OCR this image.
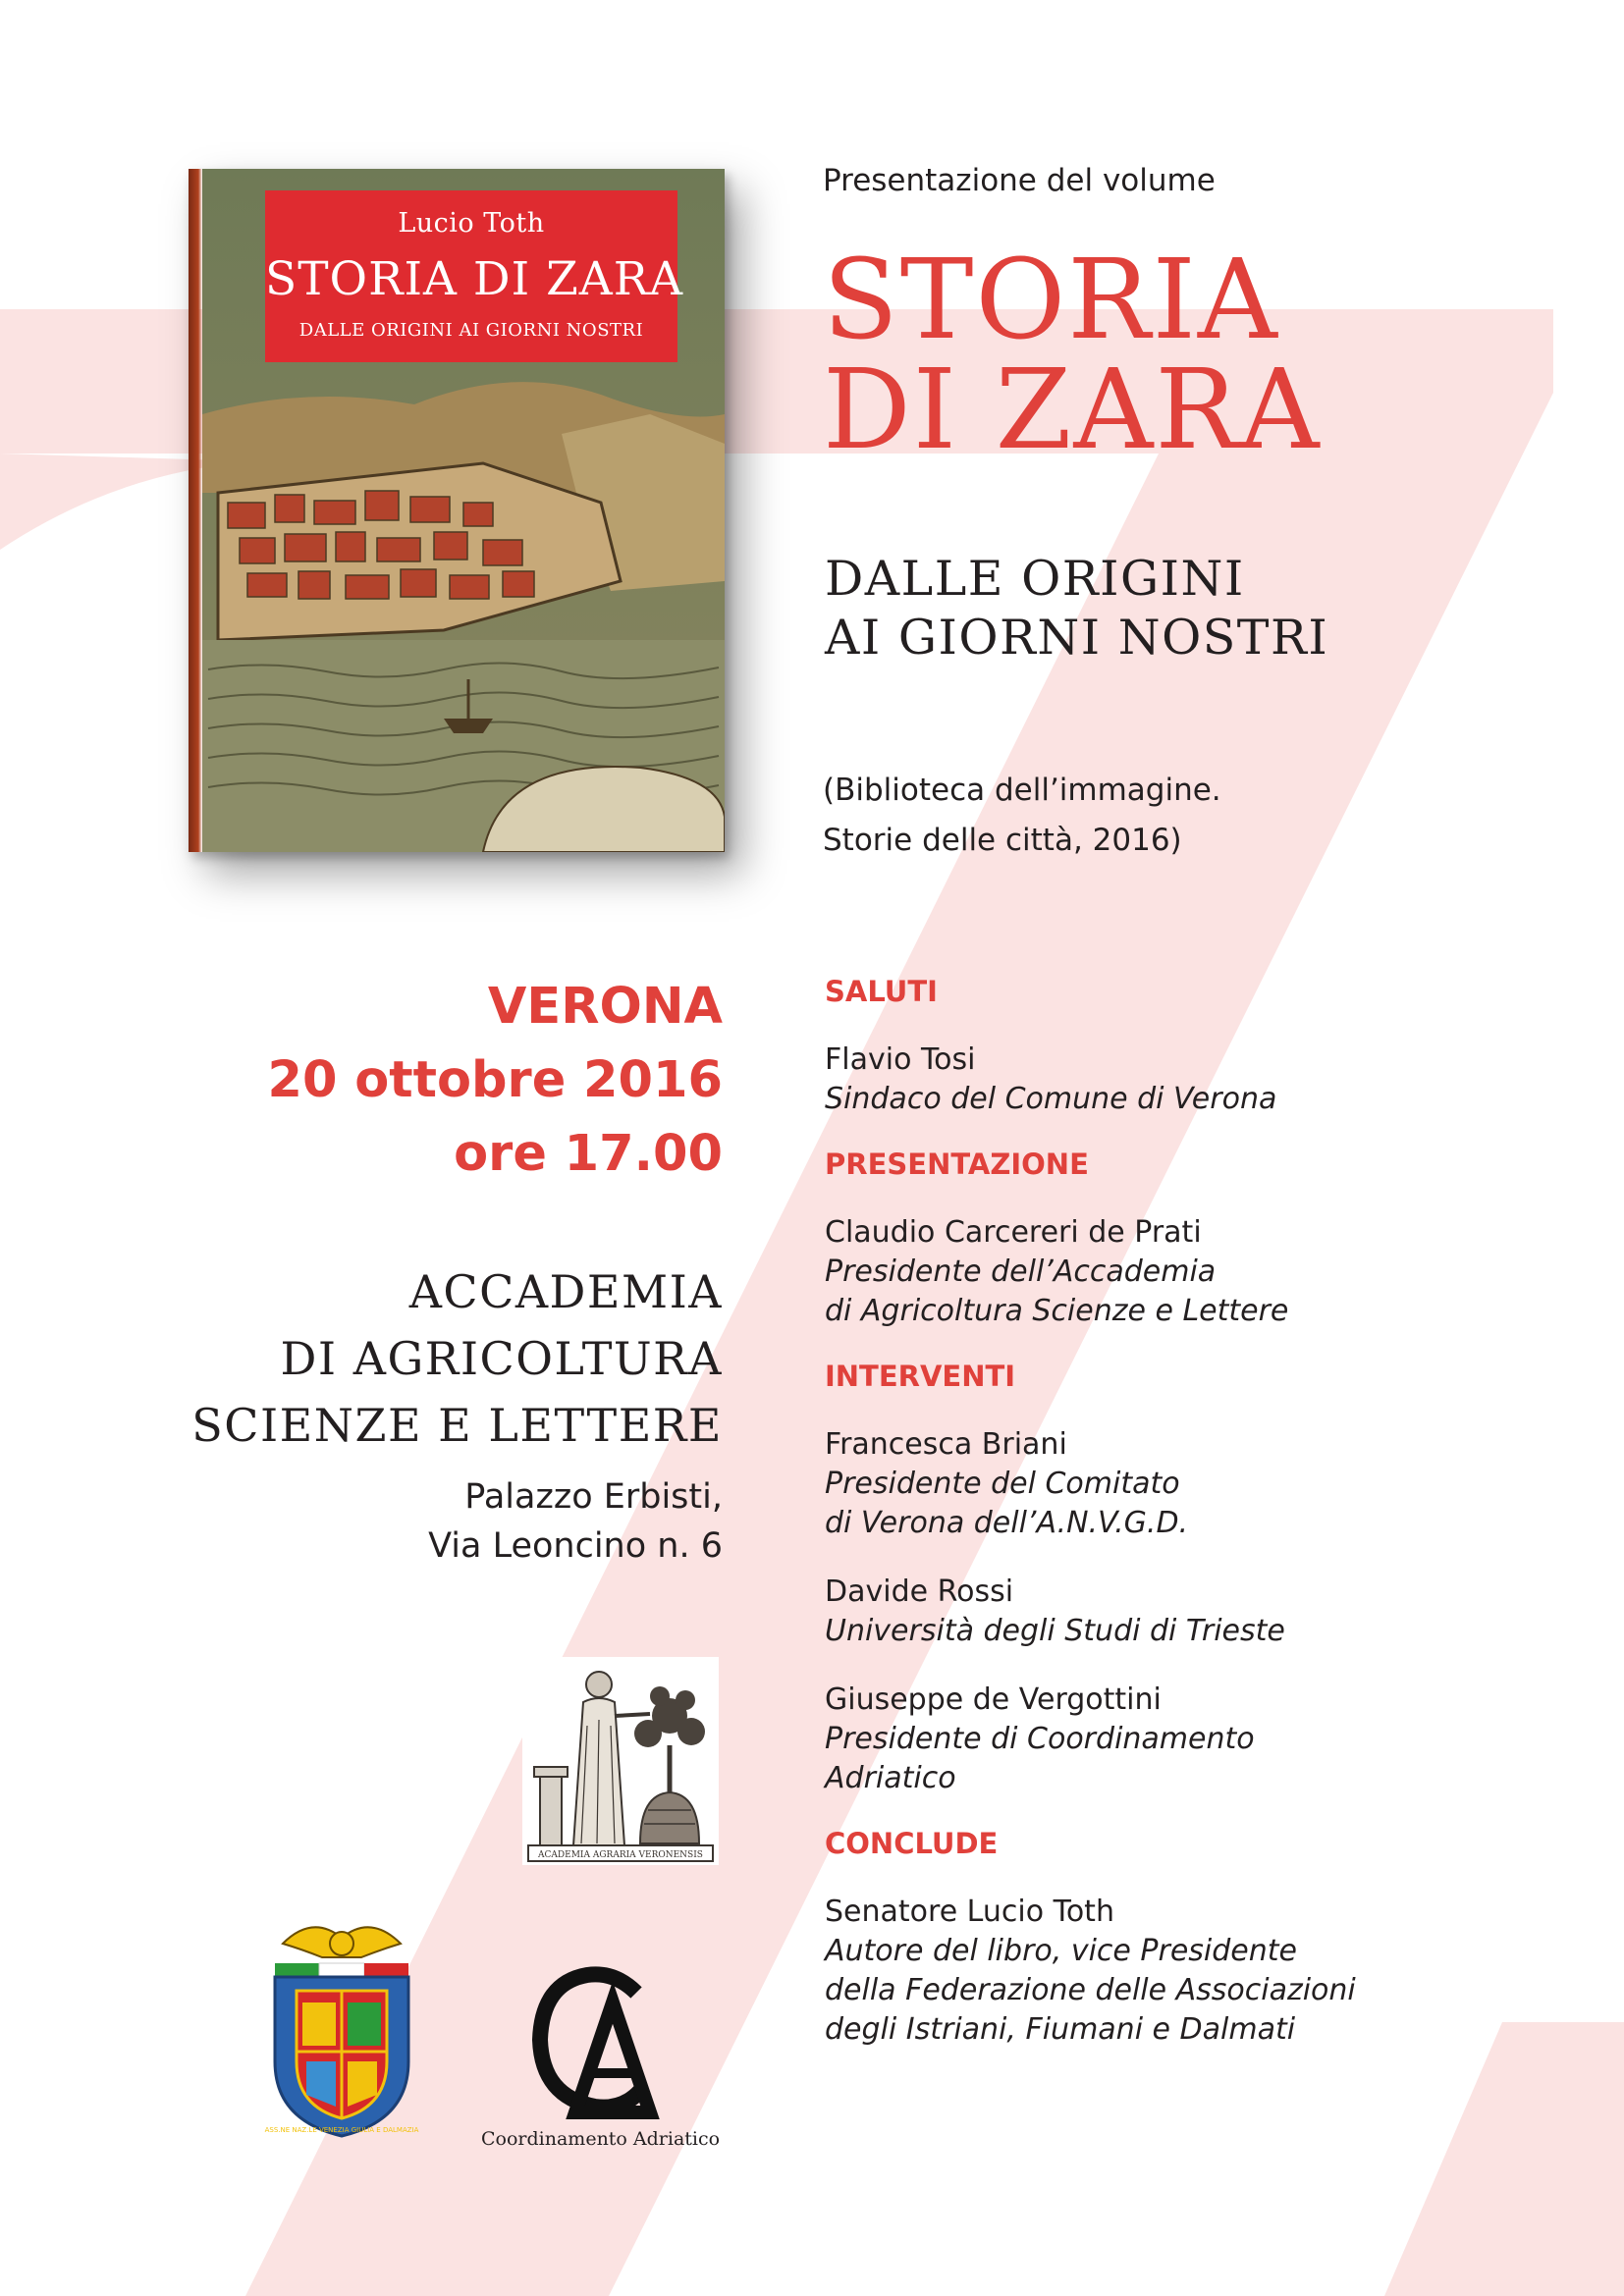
Lucio Toth
STORIA DI ZARA
DALLE ORIGINI AI GIORNI NOSTRI
Presentazione del volume
STORIA
DI ZARA
DALLE ORIGINI
AI GIORNI NOSTRI
(Biblioteca dell’immagine.
Storie delle città, 2016)
VERONA
20 ottobre 2016
ore 17.00
ACCADEMIA
DI AGRICOLTURA
SCIENZE E LETTERE
Palazzo Erbisti,
Via Leoncino n. 6
SALUTI
Flavio Tosi
Sindaco del Comune di Verona
PRESENTAZIONE
Claudio Carcereri de Prati
Presidente dell’Accademia
di Agricoltura Scienze e Lettere
INTERVENTI
Francesca Briani
Presidente del Comitato
di Verona dell’A.N.V.G.D.
Davide Rossi
Università degli Studi di Trieste
Giuseppe de Vergottini
Presidente di Coordinamento
Adriatico
CONCLUDE
Senatore Lucio Toth
Autore del libro, vice Presidente
della Federazione delle Associazioni
degli Istriani, Fiumani e Dalmati
ACADEMIA AGRARIA VERONENSIS
ASS.NE NAZ.LE VENEZIA GIULIA E DALMAZIA	Coordinamento Adriatico
